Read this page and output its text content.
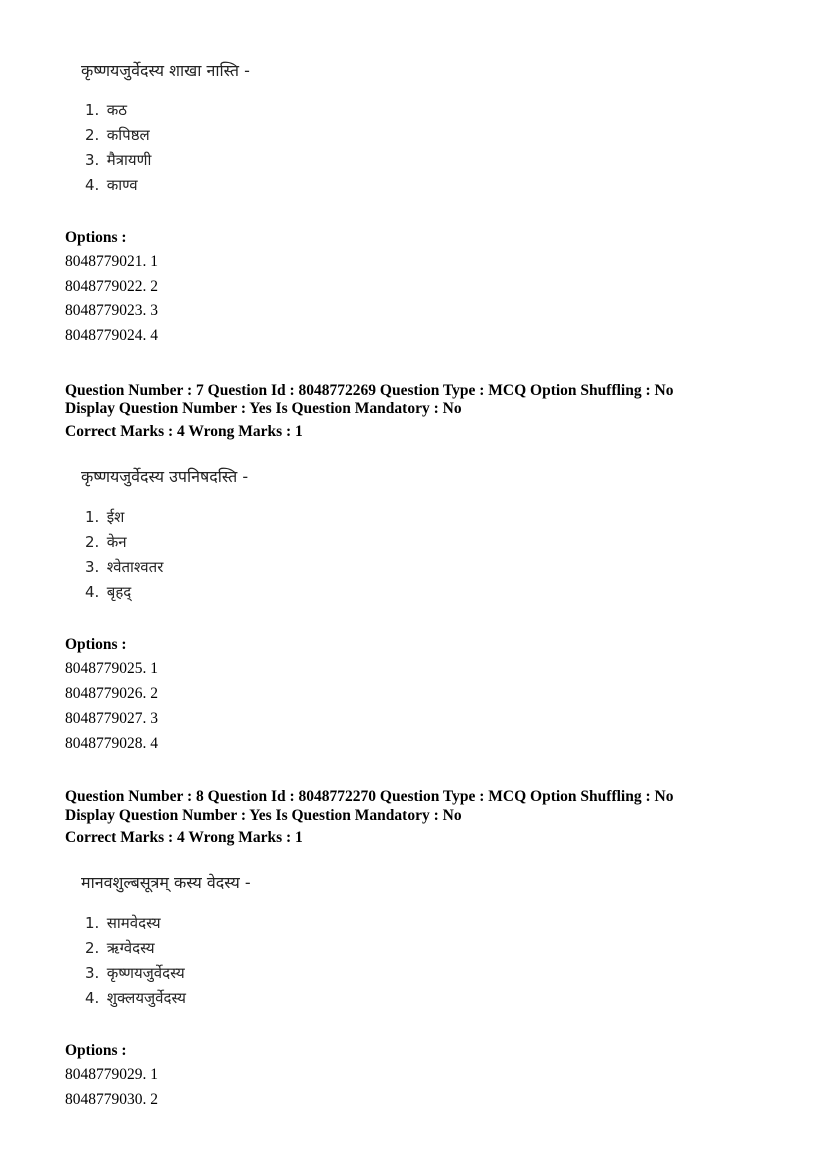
कृष्णयजुर्वेदस्य शाखा नास्ति -
1. कठ
2. कपिष्ठल
3. मैत्रायणी
4. काण्व
Options :
8048779021. 1
8048779022. 2
8048779023. 3
8048779024. 4
Question Number : 7 Question Id : 8048772269 Question Type : MCQ Option Shuffling : No
Display Question Number : Yes Is Question Mandatory : No
Correct Marks : 4 Wrong Marks : 1
कृष्णयजुर्वेदस्य उपनिषदस्ति -
1. ईश
2. केन
3. श्वेताश्वतर
4. बृहद्
Options :
8048779025. 1
8048779026. 2
8048779027. 3
8048779028. 4
Question Number : 8 Question Id : 8048772270 Question Type : MCQ Option Shuffling : No
Display Question Number : Yes Is Question Mandatory : No
Correct Marks : 4 Wrong Marks : 1
मानवशुल्बसूत्रम् कस्य वेदस्य -
1. सामवेदस्य
2. ऋग्वेदस्य
3. कृष्णयजुर्वेदस्य
4. शुक्लयजुर्वेदस्य
Options :
8048779029. 1
8048779030. 2
